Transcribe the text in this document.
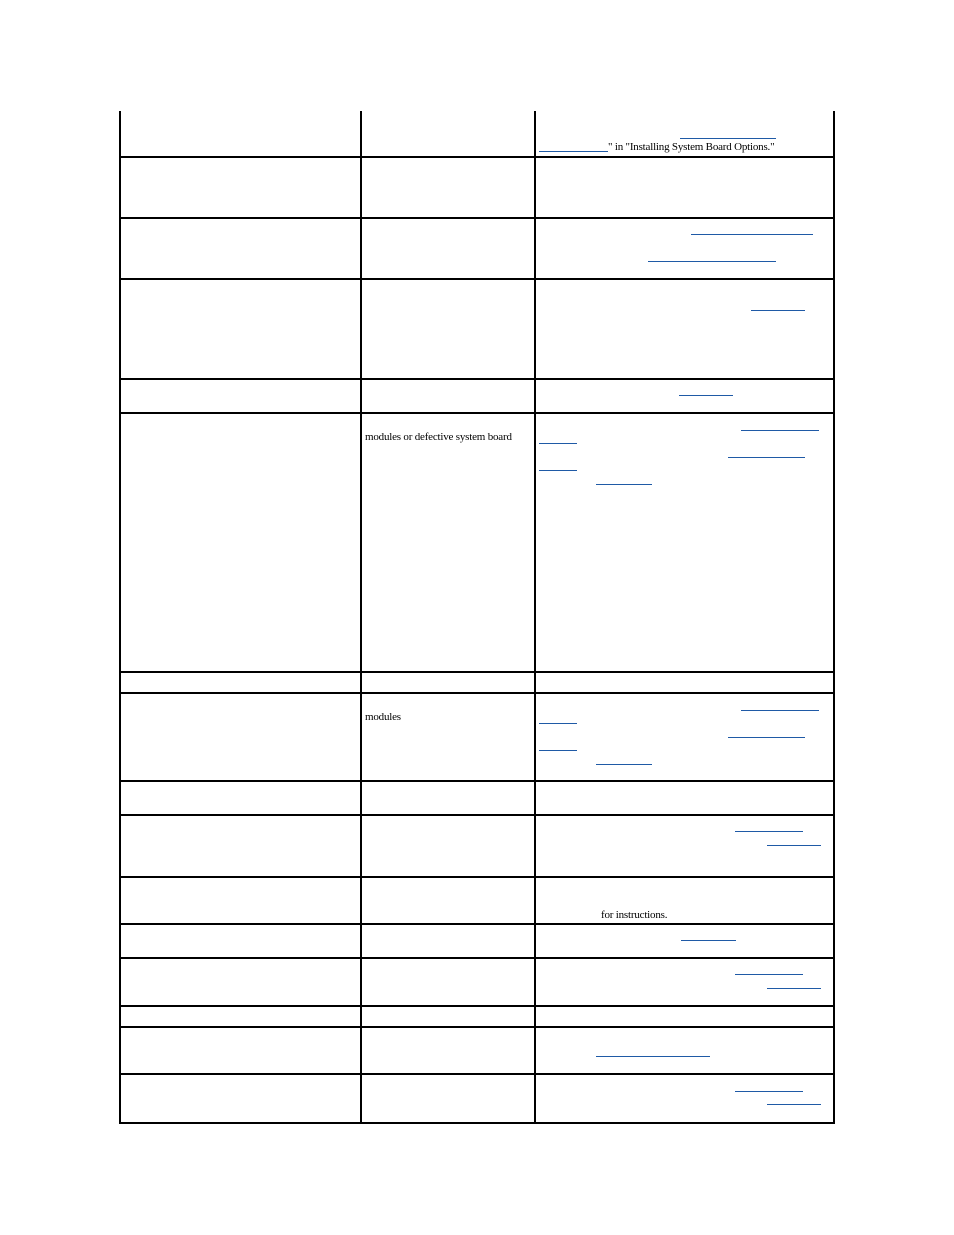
" in "Installing System Board Options."
modules or defective system board
modules
for instructions.
